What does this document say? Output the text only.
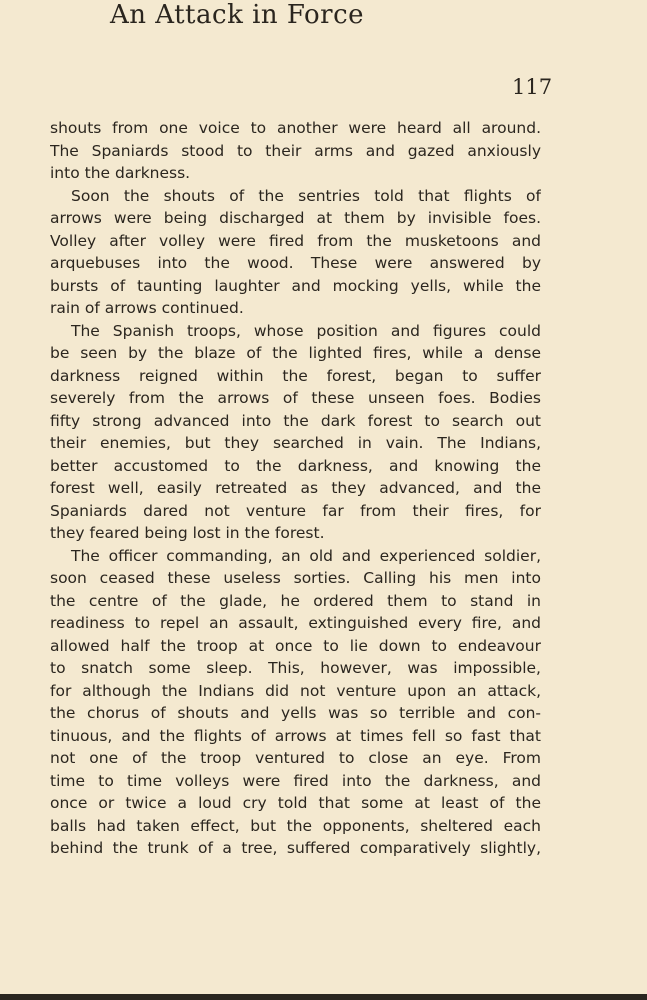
An Attack in Force
117
shouts from one voice to another were heard all around.
The Spaniards stood to their arms and gazed anxiously
into the darkness.
Soon the shouts of the sentries told that flights of
arrows were being discharged at them by invisible foes.
Volley after volley were fired from the musketoons and
arquebuses into the wood. These were answered by
bursts of taunting laughter and mocking yells, while the
rain of arrows continued.
The Spanish troops, whose position and figures could
be seen by the blaze of the lighted fires, while a dense
darkness reigned within the forest, began to suffer
severely from the arrows of these unseen foes. Bodies
fifty strong advanced into the dark forest to search out
their enemies, but they searched in vain. The Indians,
better accustomed to the darkness, and knowing the
forest well, easily retreated as they advanced, and the
Spaniards dared not venture far from their fires, for
they feared being lost in the forest.
The officer commanding, an old and experienced soldier,
soon ceased these useless sorties. Calling his men into
the centre of the glade, he ordered them to stand in
readiness to repel an assault, extinguished every fire, and
allowed half the troop at once to lie down to endeavour
to snatch some sleep. This, however, was impossible,
for although the Indians did not venture upon an attack,
the chorus of shouts and yells was so terrible and con-
tinuous, and the flights of arrows at times fell so fast that
not one of the troop ventured to close an eye. From
time to time volleys were fired into the darkness, and
once or twice a loud cry told that some at least of the
balls had taken effect, but the opponents, sheltered each
behind the trunk of a tree, suffered comparatively slightly,
